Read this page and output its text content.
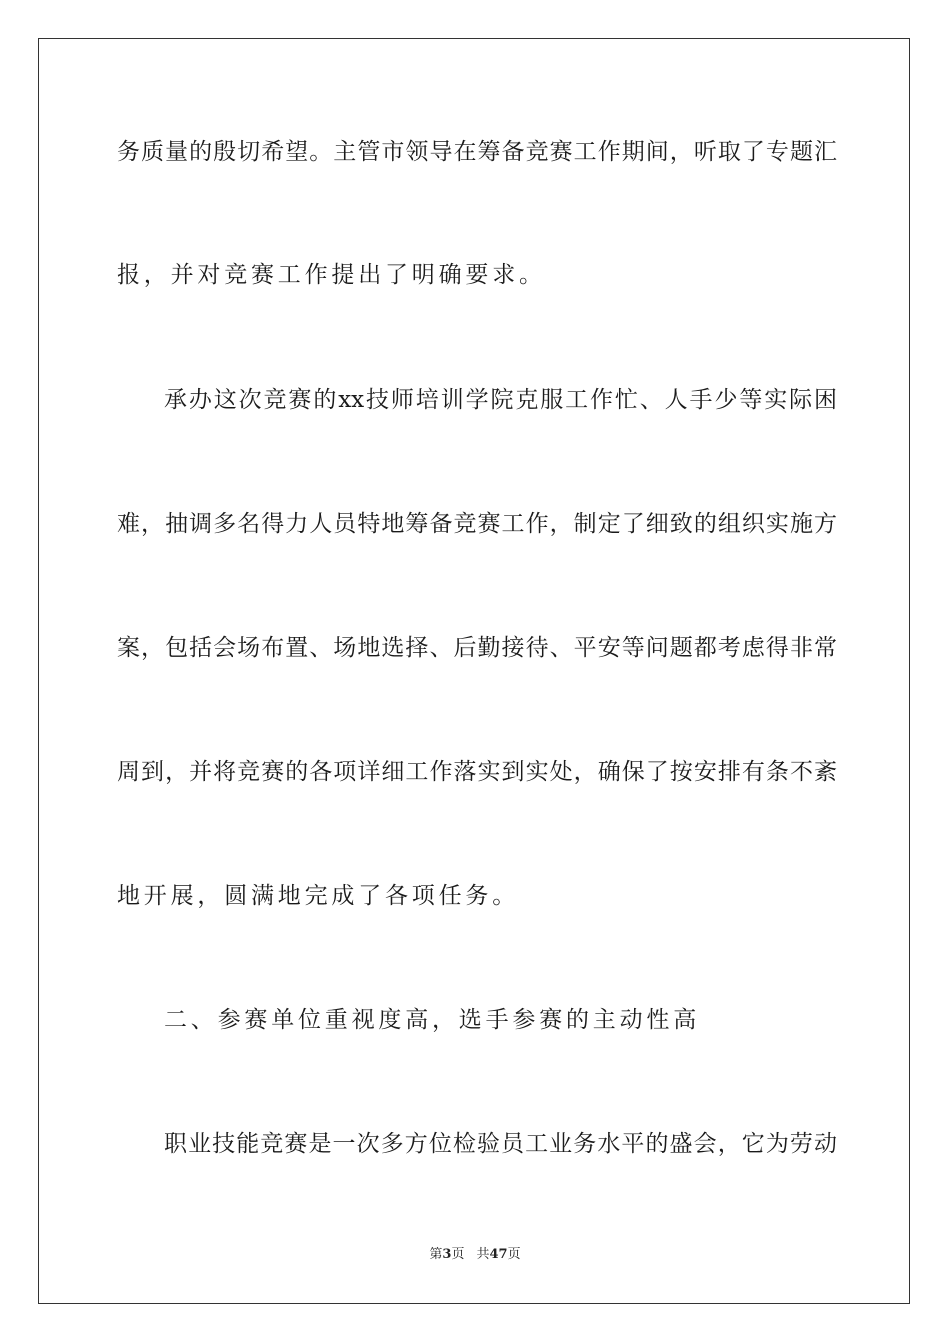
务质量的殷切希望。主管市领导在筹备竞赛工作期间，听取了专题汇
报，并对竞赛工作提出了明确要求。
承办这次竞赛的xx技师培训学院克服工作忙、人手少等实际困
难，抽调多名得力人员特地筹备竞赛工作，制定了细致的组织实施方
案，包括会场布置、场地选择、后勤接待、平安等问题都考虑得非常
周到，并将竞赛的各项详细工作落实到实处，确保了按安排有条不紊
地开展，圆满地完成了各项任务。
二、参赛单位重视度高，选手参赛的主动性高
职业技能竞赛是一次多方位检验员工业务水平的盛会，它为劳动
第3页 共47页
